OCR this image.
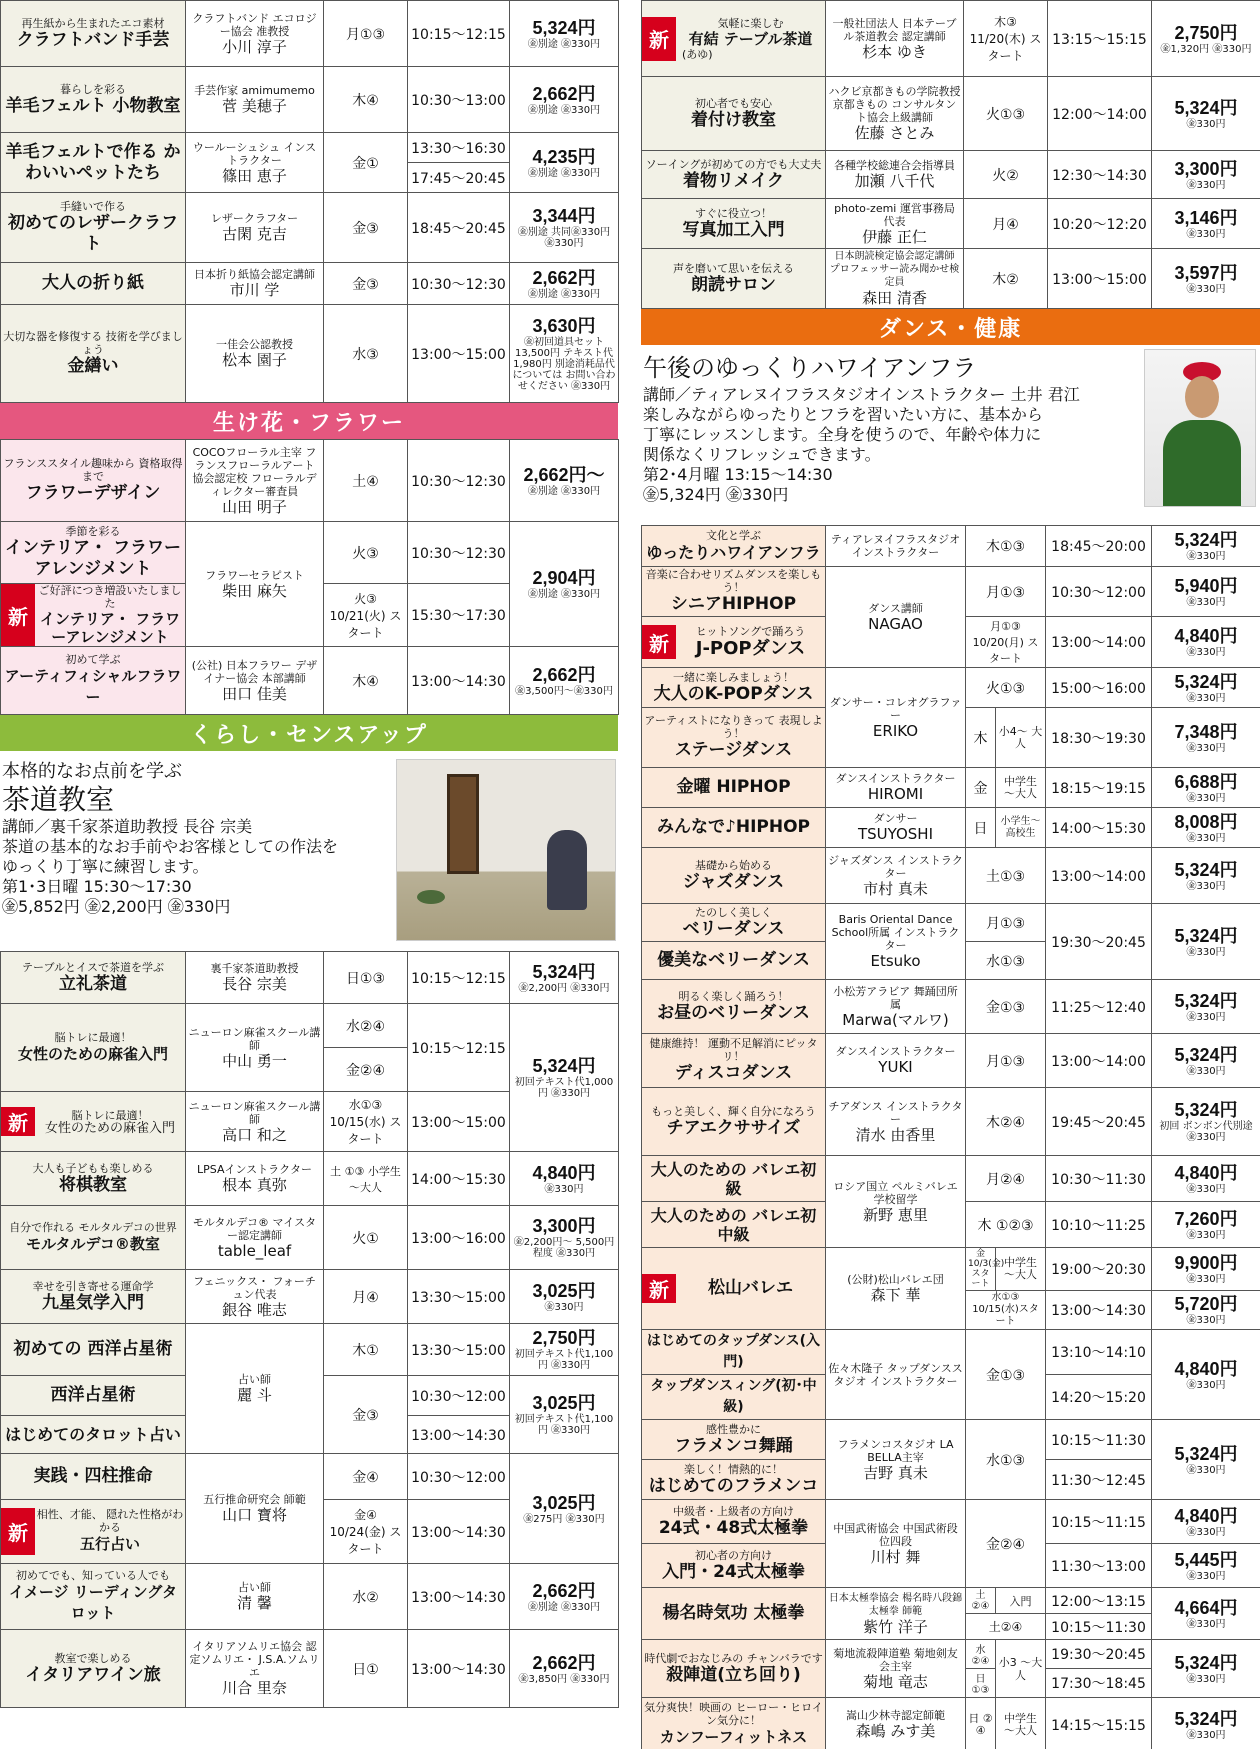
再生紙から生まれたエコ素材
クラフトバンド手芸	クラフトバンド エコロジー協会 准教授
小川 淳子	月①③	10:15～12:15	5,324円
㊎別途 ㊎330円

暮らしを彩る
羊毛フェルト 小物教室	手芸作家 amimumemo
菅 美穂子	木④	10:30～13:00	2,662円
㊎別途 ㊎330円

羊毛フェルトで作る かわいいペットたち	ウールーシュシュ インストラクター
篠田 恵子	金①	13:30～16:30	4,235円
㊎別途 ㊎330円

			17:45～20:45	

手縫いで作る
初めてのレザークラフト	レザークラフター
古閑 克吉	金③	18:45～20:45	3,344円
㊎別途 共同㊎330円 ㊎330円

大人の折り紙	日本折り紙協会認定講師
市川 学	金③	10:30～12:30	2,662円
㊎別途 ㊎330円

大切な器を修復する 技術を学びましょう
金繕い	一佳会公認教授
松本 園子	水③	13:00～15:00	3,630円
㊎初回道具セット 13,500円 テキスト代1,980円 別途消耗品代については お問い合わせください ㊎330円
生け花・フラワー
フランススタイル趣味から 資格取得まで
フラワーデザイン	COCOフローラル主宰 フランスフローラルアート 協会認定校 フローラルディレクター審査員
山田 明子	土④	10:30～12:30	2,662円～
㊎別途 ㊎330円

季節を彩る
インテリア・ フラワーアレンジメント	フラワーセラピスト
柴田 麻矢	火③	10:30～12:30	2,904円
㊎別途 ㊎330円

新
ご好評につき増設いたしました
インテリア・ フラワーアレンジメント		火③ 10/21(火) スタート	15:30～17:30	

初めて学ぶ
アーティフィシャルフラワー	(公社) 日本フラワー デザイナー協会 本部講師
田口 佳美	木④	13:00～14:30	2,662円
㊎3,500円～㊎330円
くらし・センスアップ
本格的なお点前を学ぶ
茶道教室
講師／裏千家茶道助教授 長谷 宗美
茶道の基本的なお手前やお客様としての作法を
ゆっくり丁寧に練習します。
第1･3日曜 15:30～17:30
㊎5,852円 ㊎2,200円 ㊎330円
テーブルとイスで茶道を学ぶ
立礼茶道	裏千家茶道助教授
長谷 宗美	日①③	10:15～12:15	5,324円
㊎2,200円 ㊎330円

脳トレに最適！
女性のための麻雀入門	ニューロン麻雀スクール講師
中山 勇一	水②④	10:15～12:15	5,324円
初回テキスト代1,000円 ㊎330円

		金②④		

新 脳トレに最適！
女性のための麻雀入門	ニューロン麻雀スクール講師
高口 和之	水①③ 10/15(水) スタート	13:00～15:00	

大人も子どもも楽しめる
将棋教室	LPSAインストラクター
根本 真弥	土 ①③ 小学生 ～大人	14:00～15:30	4,840円
㊎330円

自分で作れる モルタルデコの世界
モルタルデコ®教室	モルタルデコ® マイスター認定講師
table_leaf	火①	13:00～16:00	3,300円
㊎2,200円～ 5,500円程度 ㊎330円

幸せを引き寄せる運命学
九星気学入門	フェニックス・ フォーチュン代表
銀谷 唯志	月④	13:30～15:00	3,025円
㊎330円

初めての 西洋占星術	占い師
麗 斗	木①	13:30～15:00	2,750円
初回テキスト代1,100円 ㊎330円

西洋占星術		金③	10:30～12:00	3,025円
初回テキスト代1,100円 ㊎330円

はじめてのタロット占い			13:00～14:30	

実践・四柱推命	五行推命研究会 師範
山口 寶将	金④	10:30～12:00	3,025円
㊎275円 ㊎330円

新
相性、才能、 隠れた性格がわかる
五行占い		金④ 10/24(金) スタート	13:00～14:30	

初めてでも、知っている人でも
イメージ リーディングタロット	占い師
清 馨	水②	13:00～14:30	2,662円
㊎別途 ㊎330円

教室で楽しめる
イタリアワイン旅	イタリアソムリエ協会 認定ソムリエ・ J.S.A.ソムリエ
川合 里奈	日①	13:00～14:30	2,662円
㊎3,850円 ㊎330円
新
気軽に楽しむ
有結 テーブル茶道
(あゆ)	一般社団法人 日本テーブル茶道教会 認定講師
杉本 ゆき	木③ 11/20(木) スタート	13:15～15:15	2,750円
㊎1,320円 ㊎330円

初心者でも安心
着付け教室	ハクビ京都きもの学院教授 京都きもの コンサルタント協会上級講師
佐藤 さとみ	火①③	12:00～14:00	5,324円
㊎330円

ソーイングが初めての方でも大丈夫
着物リメイク	各種学校総連合会指導員
加瀬 八千代	火②	12:30～14:30	3,300円
㊎330円

すぐに役立つ！
写真加工入門	photo-zemi 運営事務局 代表
伊藤 正仁	月④	10:20～12:20	3,146円
㊎330円

声を磨いて思いを伝える
朗読サロン	日本朗読検定協会認定講師 プロフェッサー読み聞かせ検定員
森田 清香	木②	13:00～15:00	3,597円
㊎330円
ダンス・健康
午後のゆっくりハワイアンフラ
講師／ティアレヌイフラスタジオインストラクター 土井 君江
楽しみながらゆったりとフラを習いたい方に、基本から
丁寧にレッスンします。全身を使うので、年齢や体力に
関係なくリフレッシュできます。
第2･4月曜 13:15～14:30
㊎5,324円 ㊎330円
文化と学ぶ
ゆったりハワイアンフラ	ティアレヌイフラスタジオ インストラクター	木①③		18:45～20:00	5,324円
㊎330円

音楽に合わせリズムダンスを楽しもう！
シニアHIPHOP	ダンス講師
NAGAO	月①③		10:30～12:00	5,940円
㊎330円

新 ヒットソングで踊ろう
J-POPダンス		月①③ 10/20(月) スタート		13:00～14:00	4,840円
㊎330円

一緒に楽しみましょう！
大人のK-POPダンス	ダンサー・コレオグラファー
ERIKO	火①③		15:00～16:00	5,324円
㊎330円

アーティストになりきって 表現しよう！
ステージダンス		木	小4～ 大人	18:30～19:30	7,348円
㊎330円

金曜 HIPHOP	ダンスインストラクター
HIROMI	金	中学生 ～大人	18:15～19:15	6,688円
㊎330円

みんなで♪HIPHOP	ダンサー
TSUYOSHI	日	小学生～ 高校生	14:00～15:30	8,008円
㊎330円

基礎から始める
ジャズダンス	ジャズダンス インストラクター
市村 真未	土①③		13:00～14:00	5,324円
㊎330円

たのしく美しく
ベリーダンス	Baris Oriental Dance School所属 インストラクター
Etsuko	月①③		19:30～20:45	5,324円
㊎330円

優美なベリーダンス		水①③			

明るく楽しく踊ろう！
お昼のベリーダンス	小松芳アラビア 舞踊団所属
Marwa(マルワ)	金①③		11:25～12:40	5,324円
㊎330円

健康維持！ 運動不足解消にピッタリ！
ディスコダンス	ダンスインストラクター
YUKI	月①③		13:00～14:00	5,324円
㊎330円

もっと美しく、輝く自分になろう
チアエクササイズ	チアダンス インストラクター
清水 由香里	木②④		19:45～20:45	5,324円
初回 ボンボン代別途 ㊎330円

大人のための バレエ初級	ロシア国立 ペルミバレエ学校留学
新野 恵里	月②④		10:30～11:30	4,840円
㊎330円

大人のための バレエ初中級		木 ①②③		10:10～11:25	7,260円
㊎330円

新 松山バレエ	(公財)松山バレエ団
森下 華	金 10/3(金) スタート	中学生 ～大人	19:00～20:30	9,900円
㊎330円

		水①③ 10/15(水)スタート		13:00～14:30	5,720円
㊎330円

はじめてのタップダンス(入門)	佐々木隆子 タップダンススタジオ インストラクター	金①③		13:10～14:10	4,840円
㊎330円

タップダンスィング(初･中級)				14:20～15:20	

感性豊かに
フラメンコ舞踊	フラメンコスタジオ LA BELLA主宰
吉野 真未	水①③		10:15～11:30	5,324円
㊎330円

楽しく！情熱的に！
はじめてのフラメンコ				11:30～12:45	

中級者・上級者の方向け
24式・48式太極拳	中国武術協会 中国武術段位四段
川村 舞	金②④		10:15～11:15	4,840円
㊎330円

初心者の方向け
入門・24式太極拳				11:30～13:00	5,445円
㊎330円

楊名時気功 太極拳	日本太極拳協会 楊名時八段錦太極拳 師範
紫竹 洋子	土 ②④	入門	12:00～13:15	4,664円
㊎330円

		土②④		10:15～11:30	

時代劇でおなじみの チャンバラです
殺陣道(立ち回り)	菊地流殺陣道塾 菊地剣友会主宰
菊地 竜志	水②④	小3 ～大人	19:30～20:45	5,324円
㊎330円

		日①③		17:30～18:45	

気分爽快！映画の ヒーロー・ヒロイン気分に！
カンフーフィットネス	嵩山少林寺認定師範
森嶋 みす美	日 ② ④	中学生 ～大人	14:15～15:15	5,324円
㊎330円
